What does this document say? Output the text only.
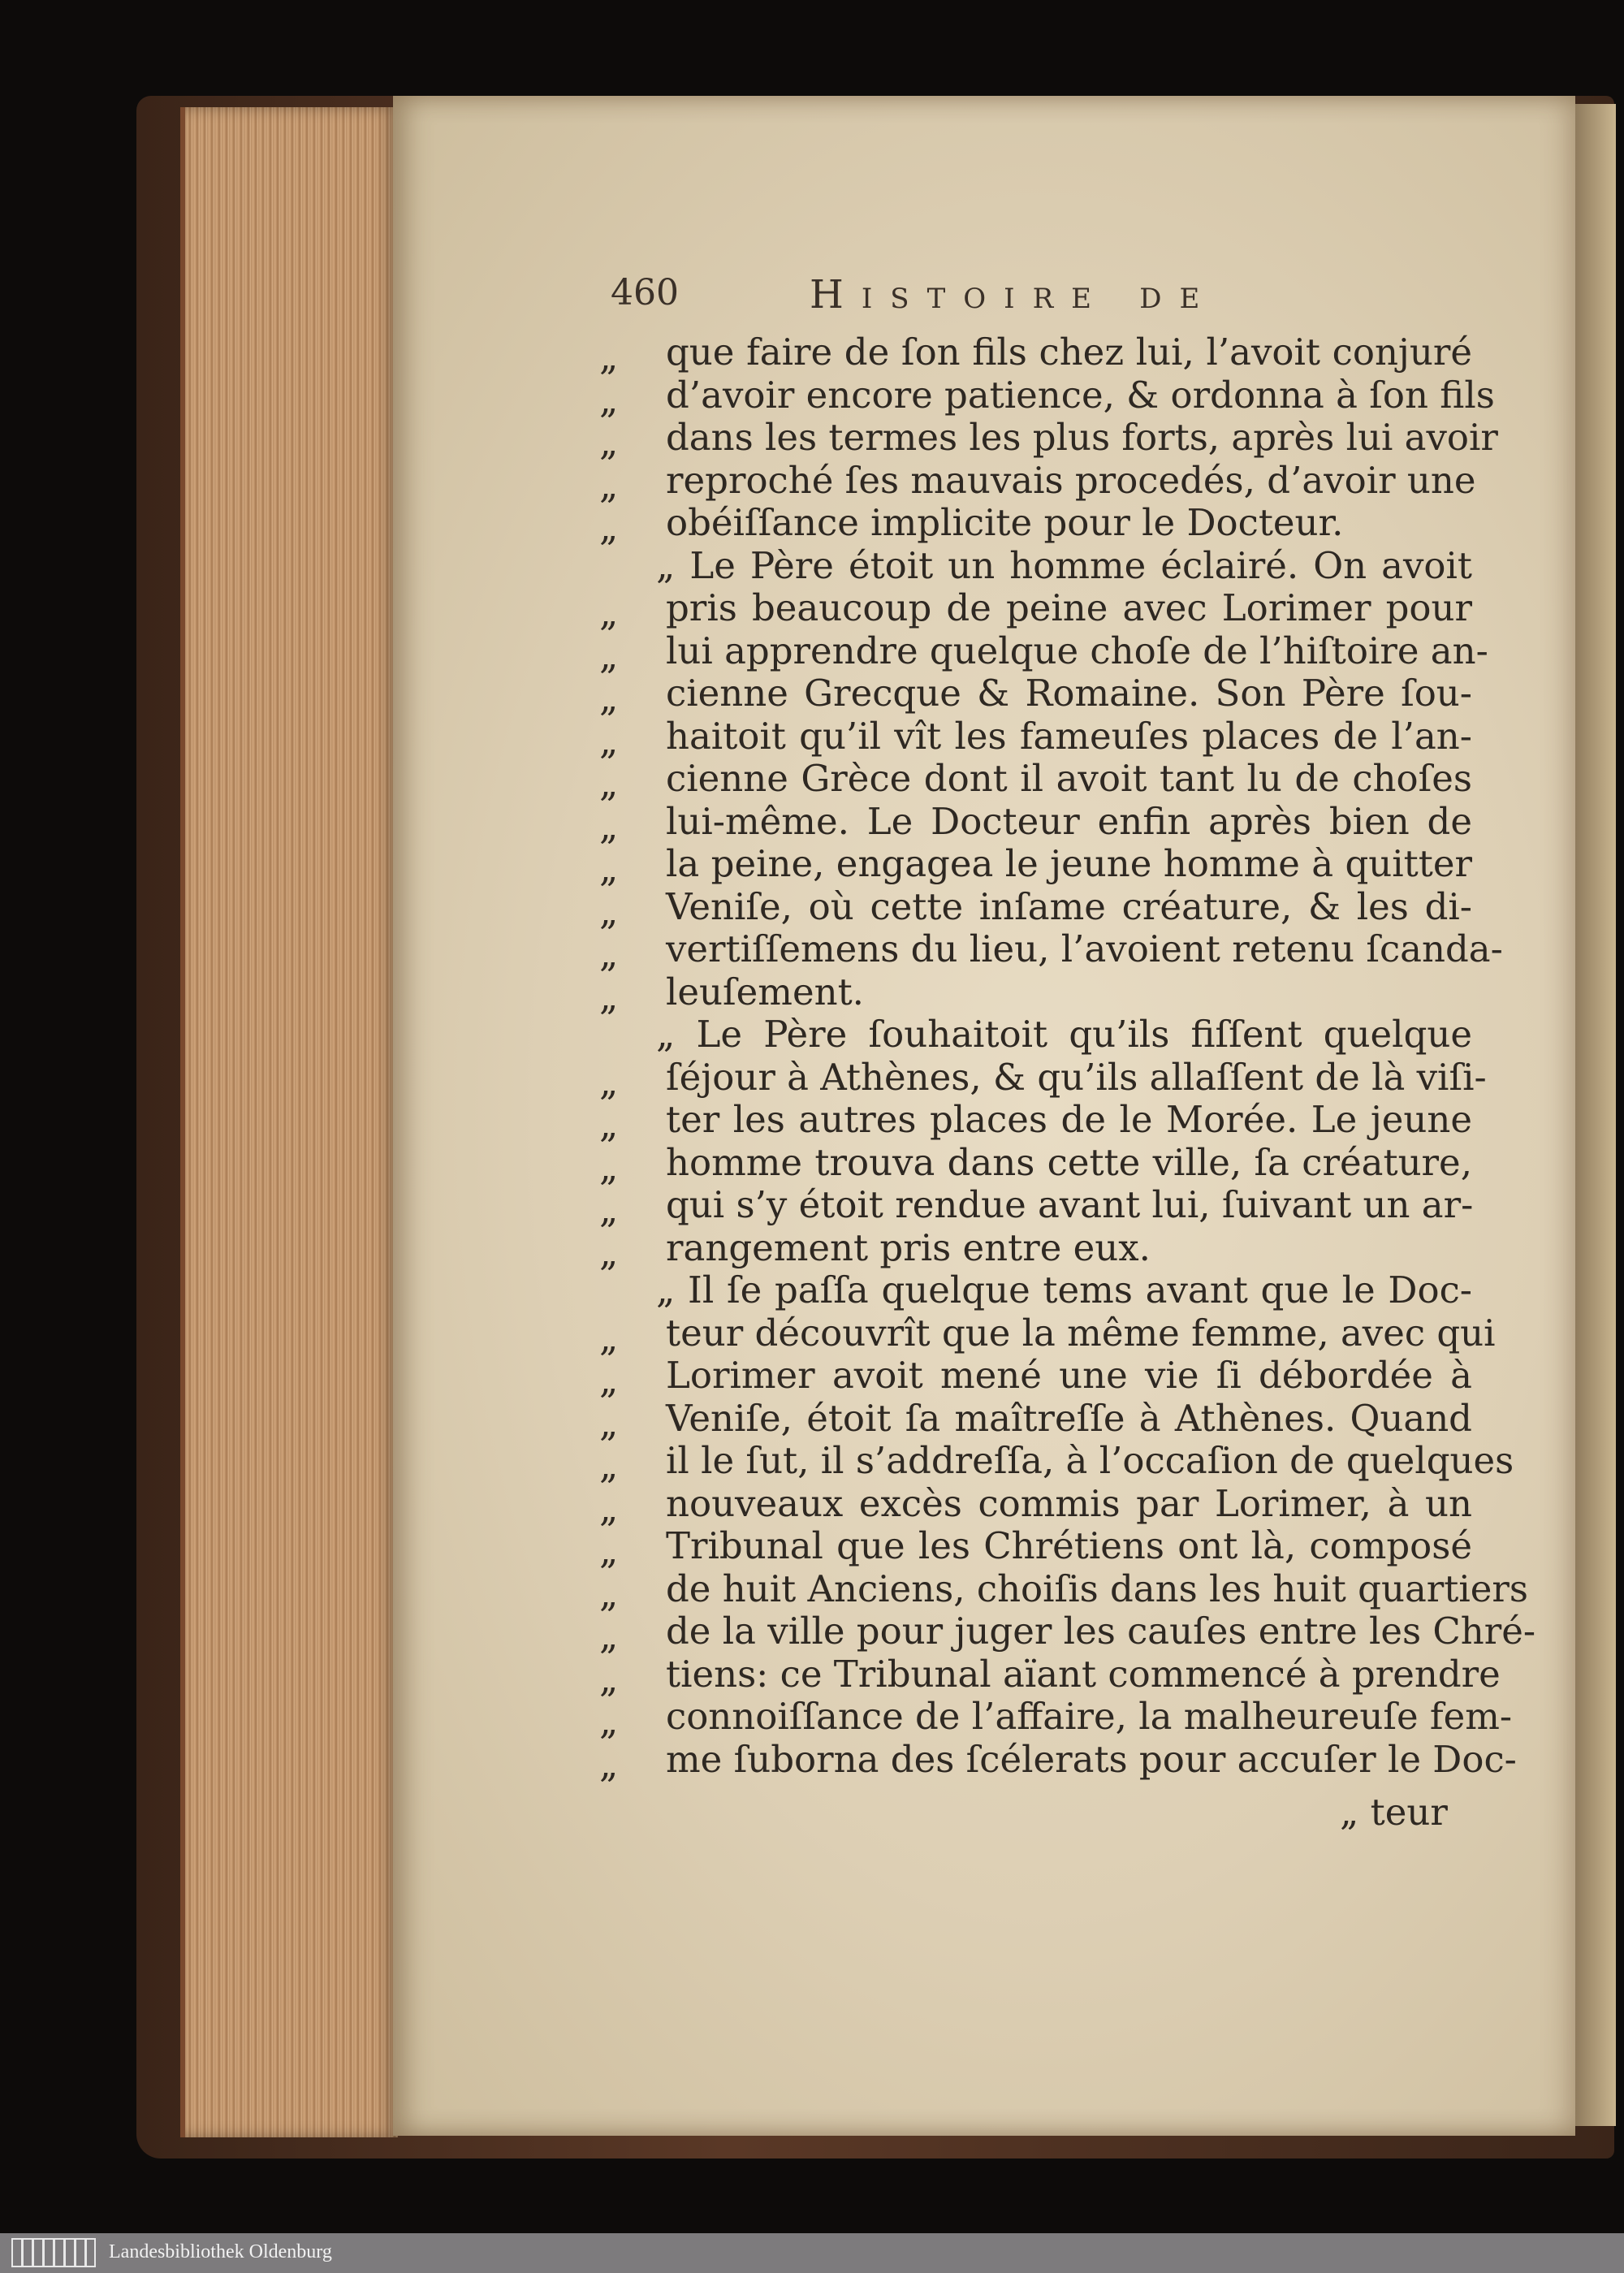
460	Histoire de
„	que faire de ſon fils chez lui, l’avoit conjuré
„	d’avoir encore patience, & ordonna à ſon fils
„	dans les termes les plus forts, après lui avoir
„	reproché ſes mauvais procedés, d’avoir une
„	obéiſſance implicite pour le Docteur.
„ Le Père étoit un homme éclairé. On avoit
„	pris beaucoup de peine avec Lorimer pour
„	lui apprendre quelque choſe de l’hiſtoire an-
„	cienne Grecque & Romaine. Son Père ſou-
„	haitoit qu’il vît les fameuſes places de l’an-
„	cienne Grèce dont il avoit tant lu de choſes
„	lui-même. Le Docteur enfin après bien de
„	la peine, engagea le jeune homme à quitter
„	Veniſe, où cette inſame créature, & les di-
„	vertiſſemens du lieu, l’avoient retenu ſcanda-
„	leuſement.
„ Le Père ſouhaitoit qu’ils fiſſent quelque
„	ſéjour à Athènes, & qu’ils allaſſent de là viſi-
„	ter les autres places de le Morée. Le jeune
„	homme trouva dans cette ville, ſa créature,
„	qui s’y étoit rendue avant lui, ſuivant un ar-
„	rangement pris entre eux.
„ Il ſe paſſa quelque tems avant que le Doc-
„	teur découvrît que la même femme, avec qui
„	Lorimer avoit mené une vie ſi débordée à
„	Veniſe, étoit ſa maîtreſſe à Athènes. Quand
„	il le ſut, il s’addreſſa, à l’occaſion de quelques
„	nouveaux excès commis par Lorimer, à un
„	Tribunal que les Chrétiens ont là, composé
„	de huit Anciens, choiſis dans les huit quartiers
„	de la ville pour juger les cauſes entre les Chré-
„	tiens: ce Tribunal aïant commencé à prendre
„	connoiſſance de l’affaire, la malheureuſe fem-
„	me ſuborna des ſcélerats pour accuſer le Doc-
„ teur
Landesbibliothek Oldenburg
